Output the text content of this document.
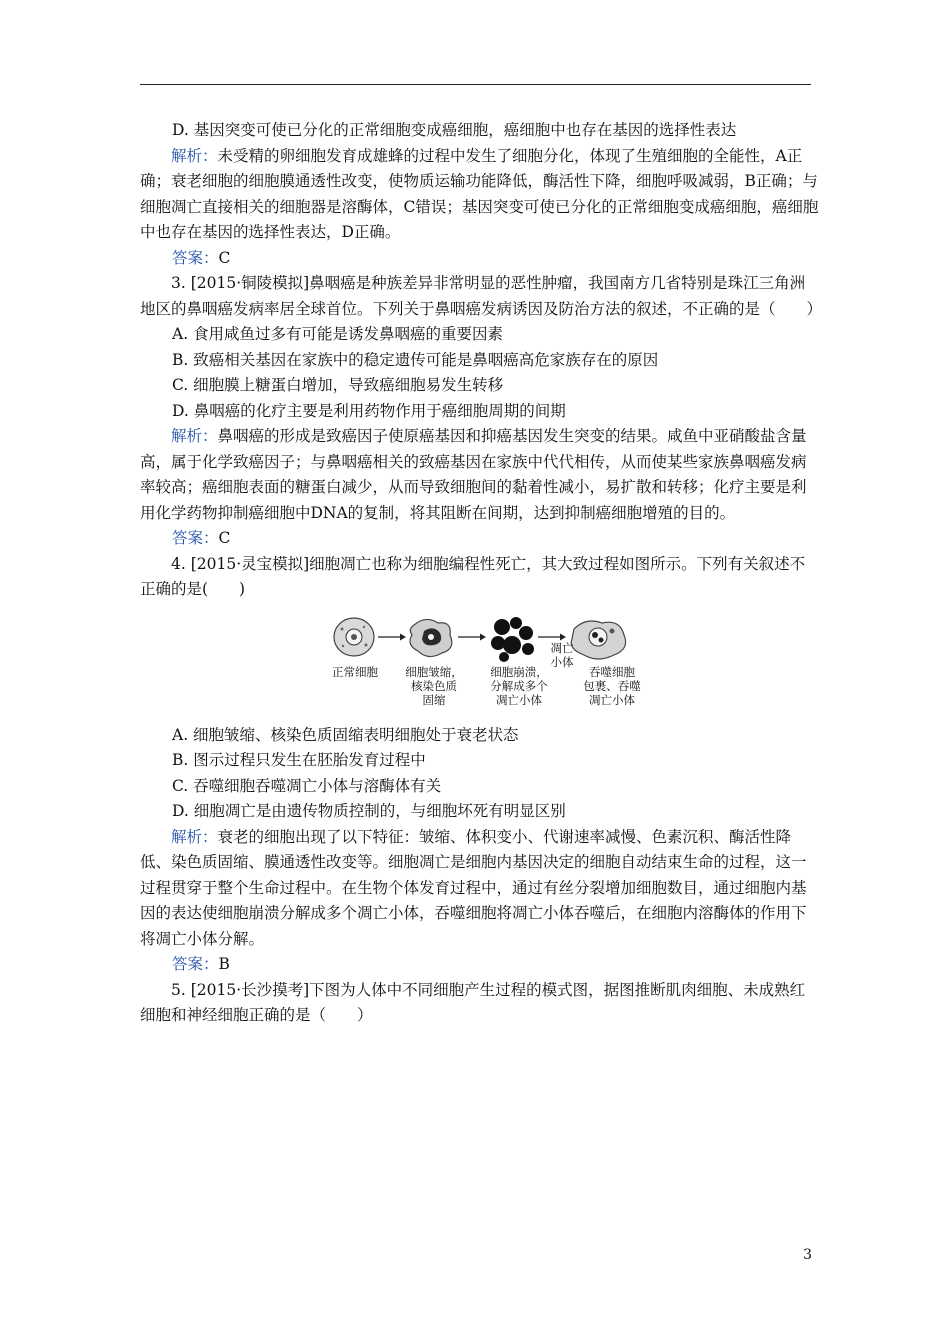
D. 基因突变可使已分化的正常细胞变成癌细胞，癌细胞中也存在基因的选择性表达

解析：未受精的卵细胞发育成雄蜂的过程中发生了细胞分化，体现了生殖细胞的全能性，A正确；衰老细胞的细胞膜通透性改变，使物质运输功能降低，酶活性下降，细胞呼吸减弱，B正确；与细胞凋亡直接相关的细胞器是溶酶体，C错误；基因突变可使已分化的正常细胞变成癌细胞，癌细胞中也存在基因的选择性表达，D正确。

答案：C

3. [2015·铜陵模拟]鼻咽癌是种族差异非常明显的恶性肿瘤，我国南方几省特别是珠江三角洲地区的鼻咽癌发病率居全球首位。下列关于鼻咽癌发病诱因及防治方法的叙述，不正确的是（　　）

A. 食用咸鱼过多有可能是诱发鼻咽癌的重要因素

B. 致癌相关基因在家族中的稳定遗传可能是鼻咽癌高危家族存在的原因

C. 细胞膜上糖蛋白增加，导致癌细胞易发生转移

D. 鼻咽癌的化疗主要是利用药物作用于癌细胞周期的间期

解析：鼻咽癌的形成是致癌因子使原癌基因和抑癌基因发生突变的结果。咸鱼中亚硝酸盐含量高，属于化学致癌因子；与鼻咽癌相关的致癌基因在家族中代代相传，从而使某些家族鼻咽癌发病率较高；癌细胞表面的糖蛋白减少，从而导致细胞间的黏着性减小，易扩散和转移；化疗主要是利用化学药物抑制癌细胞中DNA的复制，将其阻断在间期，达到抑制癌细胞增殖的目的。

答案：C

4. [2015·灵宝模拟]细胞凋亡也称为细胞编程性死亡，其大致过程如图所示。下列有关叙述不正确的是(　　)

正常细胞 细胞皱缩，
核染色质
固缩
细胞崩溃，
分解成多个
凋亡小体
凋亡
小体
吞噬细胞
包裹、吞噬
凋亡小体

A. 细胞皱缩、核染色质固缩表明细胞处于衰老状态

B. 图示过程只发生在胚胎发育过程中

C. 吞噬细胞吞噬凋亡小体与溶酶体有关

D. 细胞凋亡是由遗传物质控制的，与细胞坏死有明显区别

解析：衰老的细胞出现了以下特征：皱缩、体积变小、代谢速率减慢、色素沉积、酶活性降低、染色质固缩、膜通透性改变等。细胞凋亡是细胞内基因决定的细胞自动结束生命的过程，这一过程贯穿于整个生命过程中。在生物个体发育过程中，通过有丝分裂增加细胞数目，通过细胞内基因的表达使细胞崩溃分解成多个凋亡小体，吞噬细胞将凋亡小体吞噬后，在细胞内溶酶体的作用下将凋亡小体分解。

答案：B

5. [2015·长沙摸考]下图为人体中不同细胞产生过程的模式图，据图推断肌肉细胞、未成熟红细胞和神经细胞正确的是（　　）

3
